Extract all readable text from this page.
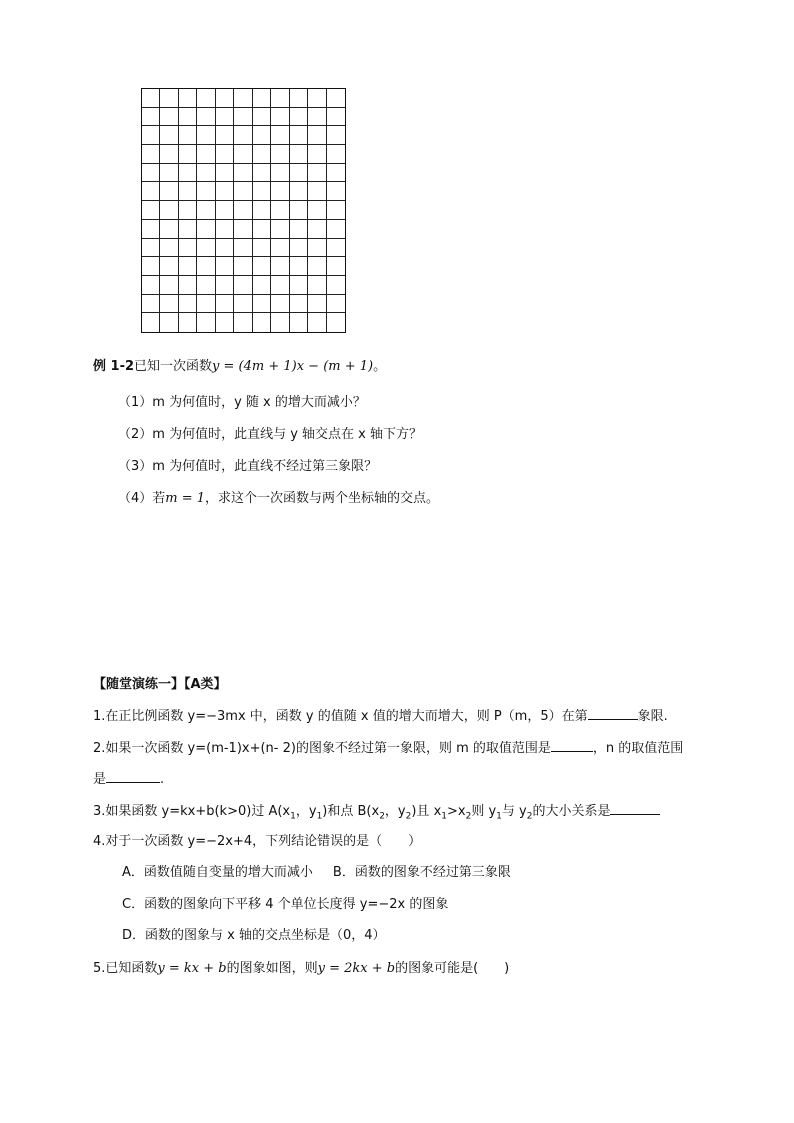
例 1-2已知一次函数y = (4m + 1)x − (m + 1)。
（1）m 为何值时，y 随 x 的增大而减小？
（2）m 为何值时，此直线与 y 轴交点在 x 轴下方？
（3）m 为何值时，此直线不经过第三象限？
（4）若m = 1，求这个一次函数与两个坐标轴的交点。
【随堂演练一】【A类】
1.在正比例函数 y=−3mx 中，函数 y 的值随 x 值的增大而增大，则 P（m，5）在第	象限.
2.如果一次函数 y=(m-1)x+(n- 2)的图象不经过第一象限，则 m 的取值范围是	，n 的取值范围
是	.
3.如果函数 y=kx+b(k>0)过 $A(x_1$，$y_1$)和点 $B(x_2$，$y_2$)且 $x_1>x_2$则 $y_1$与 $y_2$的大小关系是
4.对于一次函数 y=−2x+4，下列结论错误的是（　　）
A．函数值随自变量的增大而减小 B．函数的图象不经过第三象限
C．函数的图象向下平移 4 个单位长度得 y=−2x 的图象
D．函数的图象与 x 轴的交点坐标是（0，4）
5.已知函数y = kx + b的图象如图，则y = 2kx + b的图象可能是(　　)
